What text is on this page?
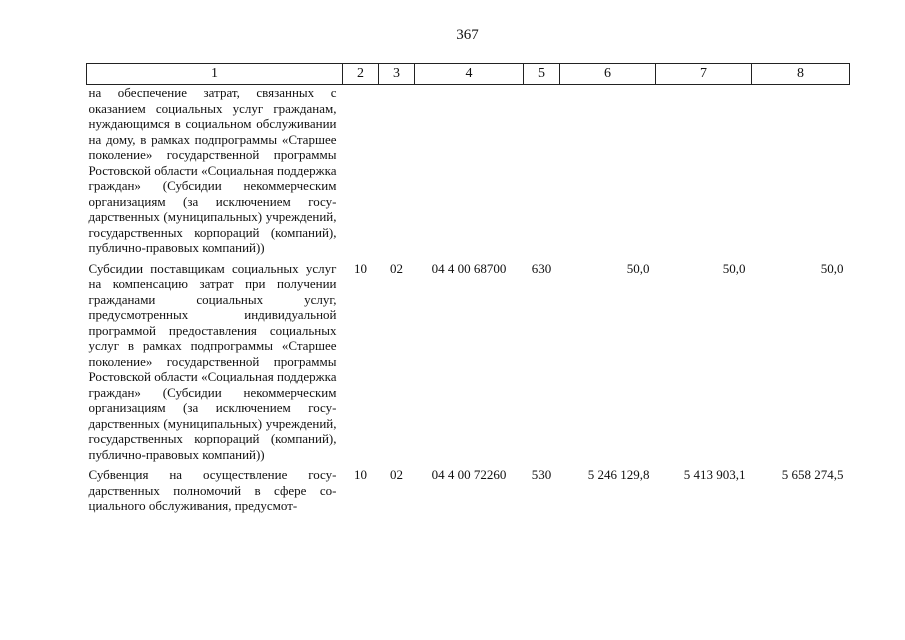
367
1	2	3	4	5	6	7	8
на обеспечение затрат, связанных с оказанием социальных услуг гражданам, нуждающимся в социальном обслуживании на дому, в рамках подпрограммы «Старшее поколение» государственной программы Ростовской области «Социальная поддержка граждан» (Субсидии некоммерческим организациям (за исключением государственных (муниципальных) учреждений, государственных корпораций (компаний), публично-правовых компаний))							
Субсидии поставщикам социальных услуг на компенсацию затрат при получении гражданами социальных услуг, предусмотренных индивидуальной программой предоставления социальных услуг в рамках подпрограммы «Старшее поколение» государственной программы Ростовской области «Социальная поддержка граждан» (Субсидии некоммерческим организациям (за исключением государственных (муниципальных) учреждений, государственных корпораций (компаний), публично-правовых компаний))	10	02	04 4 00 68700	630	50,0	50,0	50,0
Субвенция на осуществление государственных полномочий в сфере социального обслуживания, предусмот-	10	02	04 4 00 72260	530	5 246 129,8	5 413 903,1	5 658 274,5
